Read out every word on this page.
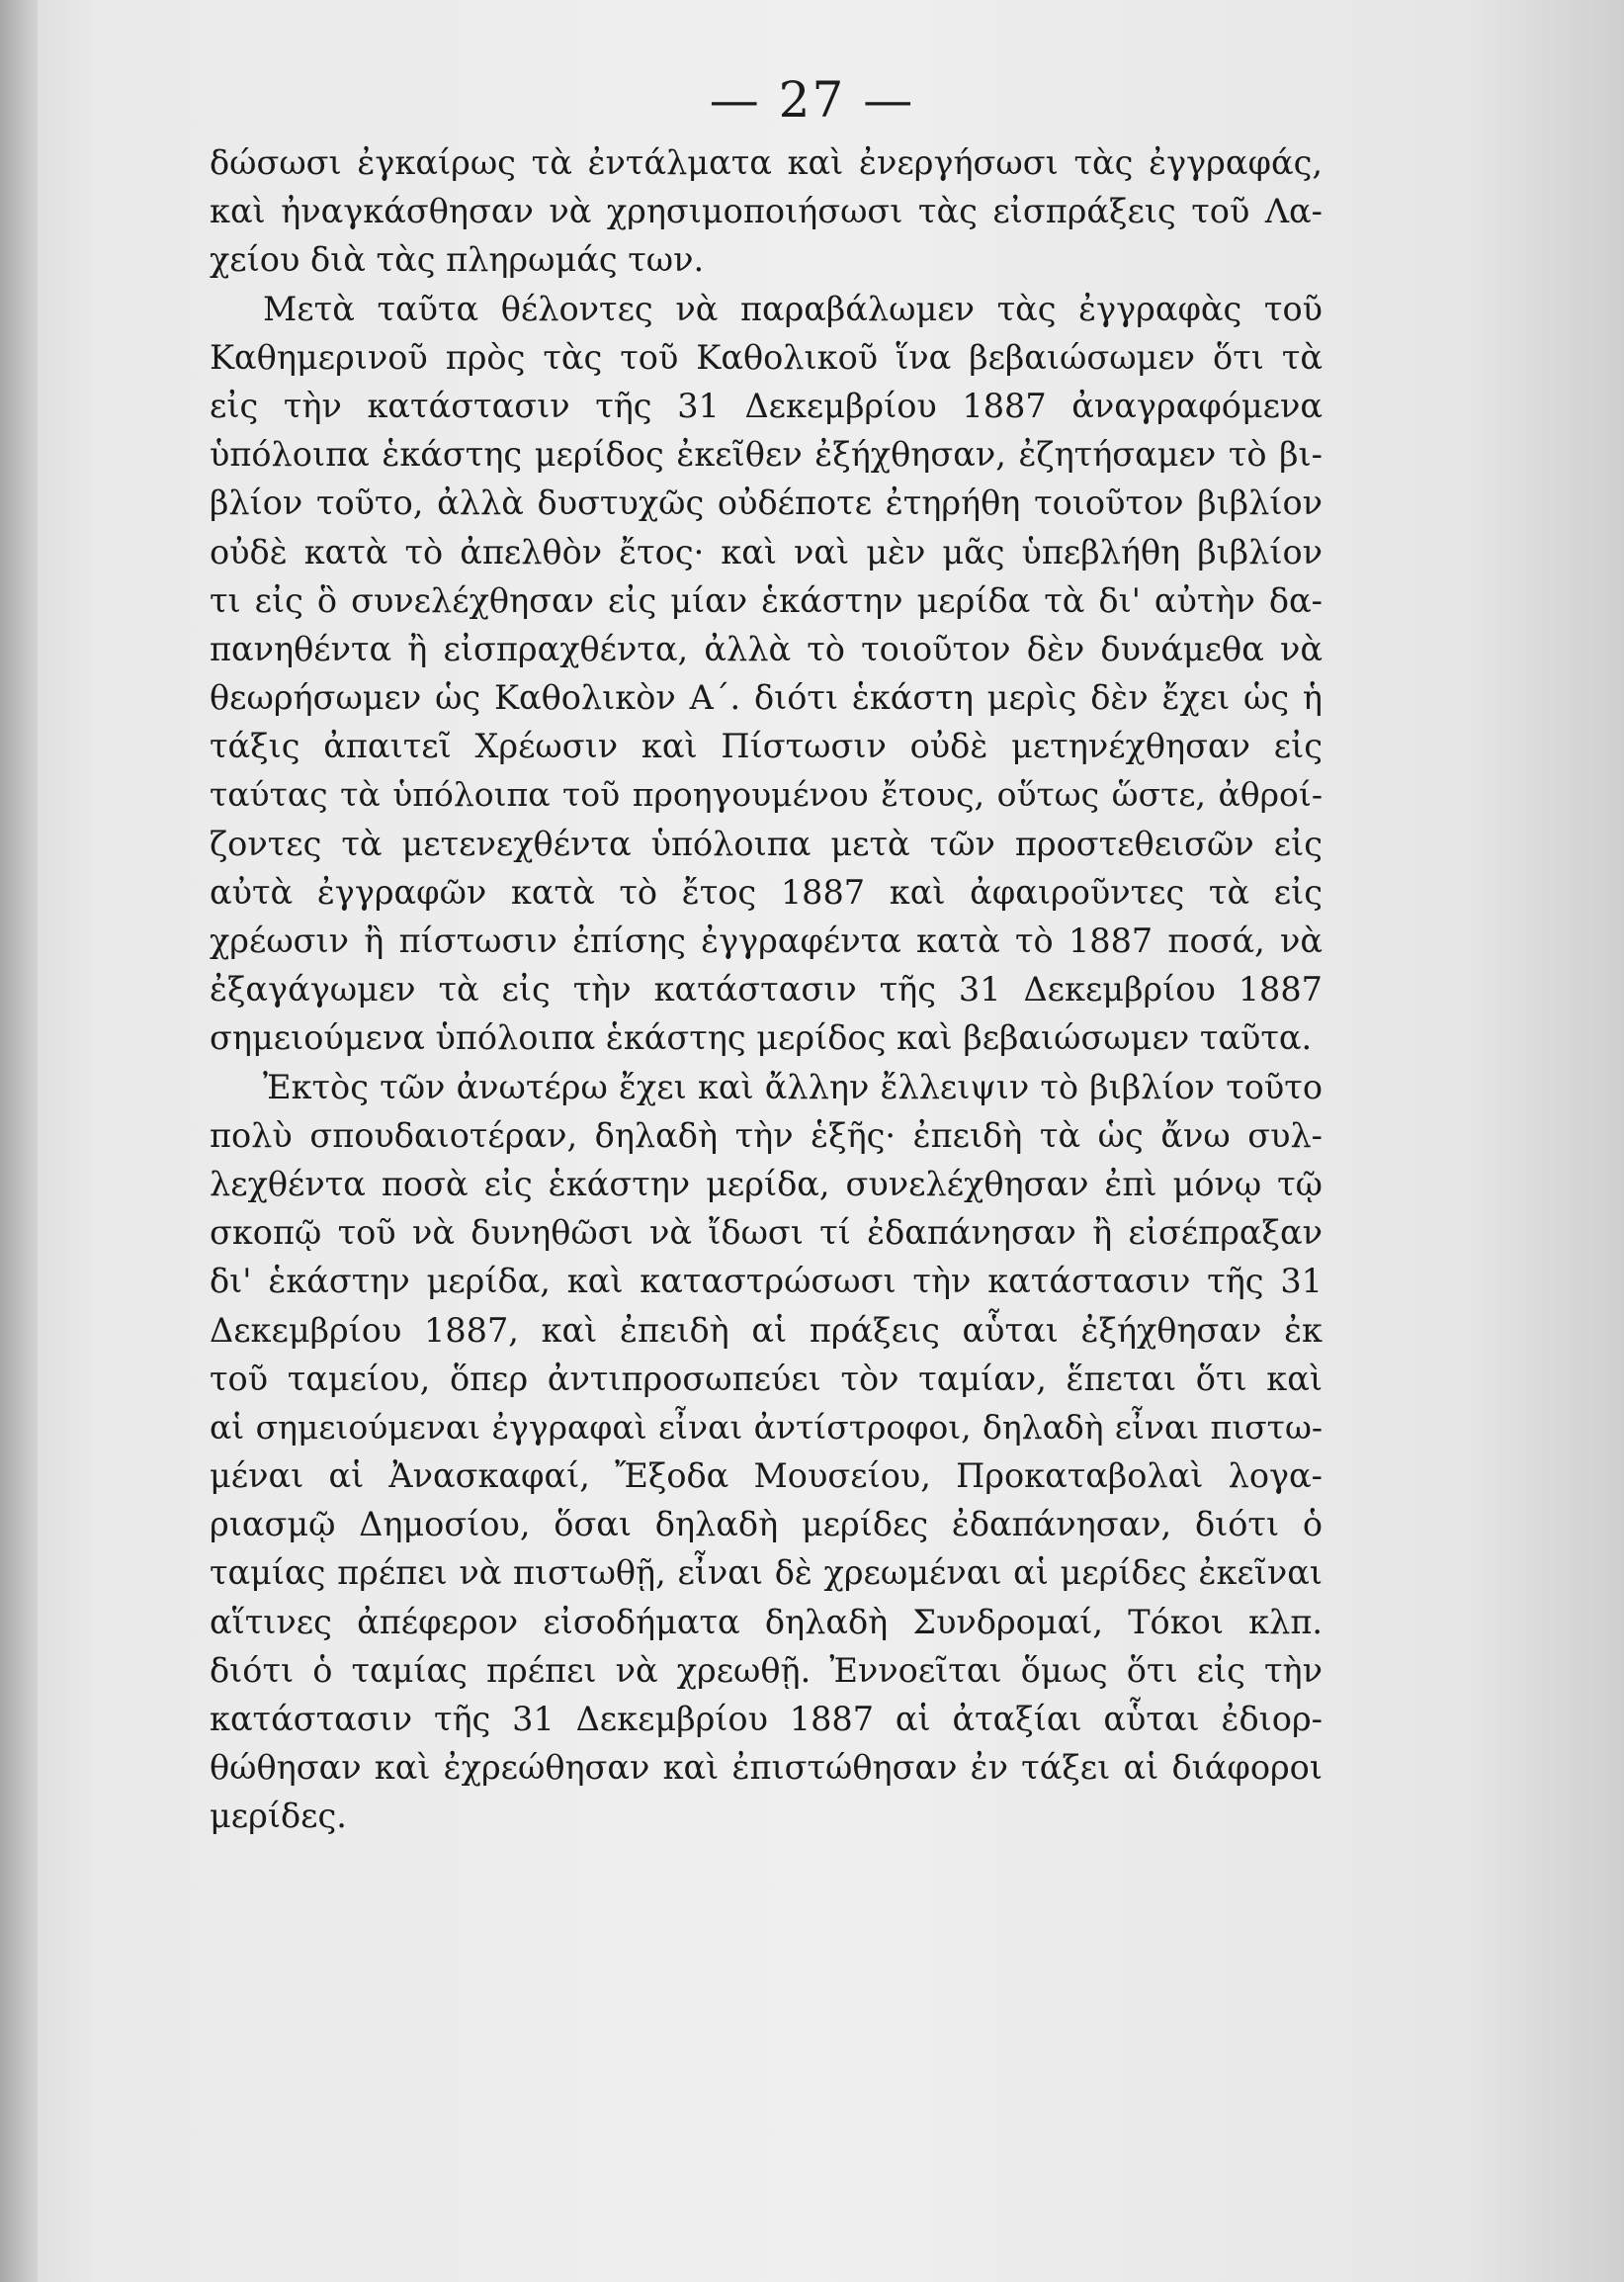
— 27 —
δώσωσι ἐγκαίρως τὰ ἐντάλματα καὶ ἐνεργήσωσι τὰς ἐγγραφάς,
καὶ ἠναγκάσθησαν νὰ χρησιμοποιήσωσι τὰς εἰσπράξεις τοῦ Λα-
χείου διὰ τὰς πληρωμάς των.
Μετὰ ταῦτα θέλοντες νὰ παραβάλωμεν τὰς ἐγγραφὰς τοῦ
Καθημερινοῦ πρὸς τὰς τοῦ Καθολικοῦ ἵνα βεβαιώσωμεν ὅτι τὰ
εἰς τὴν κατάστασιν τῆς 31 Δεκεμβρίου 1887 ἀναγραφόμενα
ὑπόλοιπα ἑκάστης μερίδος ἐκεῖθεν ἐξήχθησαν, ἐζητήσαμεν τὸ βι-
βλίον τοῦτο, ἀλλὰ δυστυχῶς οὐδέποτε ἐτηρήθη τοιοῦτον βιβλίον
οὐδὲ κατὰ τὸ ἀπελθὸν ἔτος· καὶ ναὶ μὲν μᾶς ὑπεβλήθη βιβλίον
τι εἰς ὃ συνελέχθησαν εἰς μίαν ἑκάστην μερίδα τὰ δι' αὐτὴν δα-
πανηθέντα ἢ εἰσπραχθέντα, ἀλλὰ τὸ τοιοῦτον δὲν δυνάμεθα νὰ
θεωρήσωμεν ὡς Καθολικὸν Α΄. διότι ἑκάστη μερὶς δὲν ἔχει ὡς ἡ
τάξις ἀπαιτεῖ Χρέωσιν καὶ Πίστωσιν οὐδὲ μετηνέχθησαν εἰς
ταύτας τὰ ὑπόλοιπα τοῦ προηγουμένου ἔτους, οὕτως ὥστε, ἀθροί-
ζοντες τὰ μετενεχθέντα ὑπόλοιπα μετὰ τῶν προστεθεισῶν εἰς
αὐτὰ ἐγγραφῶν κατὰ τὸ ἔτος 1887 καὶ ἀφαιροῦντες τὰ εἰς
χρέωσιν ἢ πίστωσιν ἐπίσης ἐγγραφέντα κατὰ τὸ 1887 ποσά, νὰ
ἐξαγάγωμεν τὰ εἰς τὴν κατάστασιν τῆς 31 Δεκεμβρίου 1887
σημειούμενα ὑπόλοιπα ἑκάστης μερίδος καὶ βεβαιώσωμεν ταῦτα.
Ἐκτὸς τῶν ἀνωτέρω ἔχει καὶ ἄλλην ἔλλειψιν τὸ βιβλίον τοῦτο
πολὺ σπουδαιοτέραν, δηλαδὴ τὴν ἑξῆς· ἐπειδὴ τὰ ὡς ἄνω συλ-
λεχθέντα ποσὰ εἰς ἑκάστην μερίδα, συνελέχθησαν ἐπὶ μόνῳ τῷ
σκοπῷ τοῦ νὰ δυνηθῶσι νὰ ἴδωσι τί ἐδαπάνησαν ἢ εἰσέπραξαν
δι' ἑκάστην μερίδα, καὶ καταστρώσωσι τὴν κατάστασιν τῆς 31
Δεκεμβρίου 1887, καὶ ἐπειδὴ αἱ πράξεις αὗται ἐξήχθησαν ἐκ
τοῦ ταμείου, ὅπερ ἀντιπροσωπεύει τὸν ταμίαν, ἕπεται ὅτι καὶ
αἱ σημειούμεναι ἐγγραφαὶ εἶναι ἀντίστροφοι, δηλαδὴ εἶναι πιστω-
μέναι αἱ Ἀνασκαφαί, Ἔξοδα Μουσείου, Προκαταβολαὶ λογα-
ριασμῷ Δημοσίου, ὅσαι δηλαδὴ μερίδες ἐδαπάνησαν, διότι ὁ
ταμίας πρέπει νὰ πιστωθῇ, εἶναι δὲ χρεωμέναι αἱ μερίδες ἐκεῖναι
αἵτινες ἀπέφερον εἰσοδήματα δηλαδὴ Συνδρομαί, Τόκοι κλπ.
διότι ὁ ταμίας πρέπει νὰ χρεωθῇ. Ἐννοεῖται ὅμως ὅτι εἰς τὴν
κατάστασιν τῆς 31 Δεκεμβρίου 1887 αἱ ἀταξίαι αὗται ἐδιορ-
θώθησαν καὶ ἐχρεώθησαν καὶ ἐπιστώθησαν ἐν τάξει αἱ διάφοροι
μερίδες.
